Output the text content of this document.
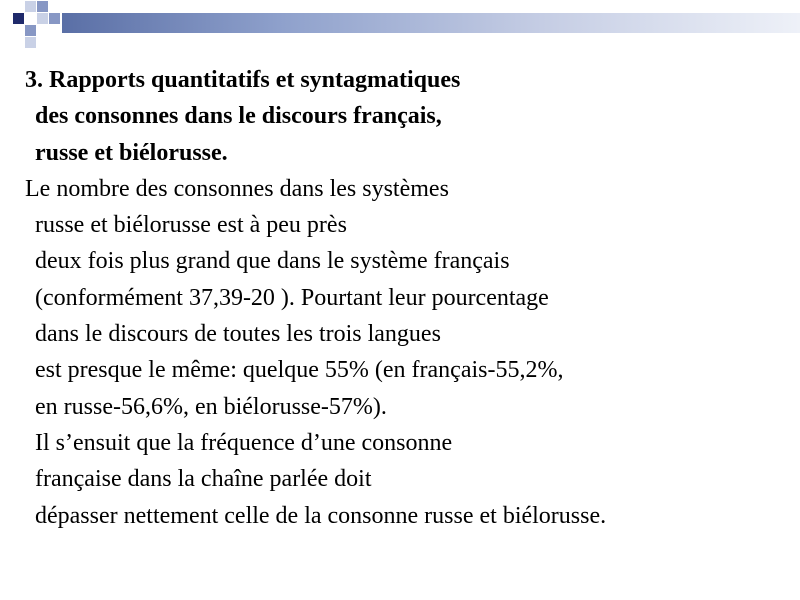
3. Rapports quantitatifs et syntagmatiques
des consonnes dans le discours français,
russe et biélorusse.
Le nombre des consonnes dans les systèmes
russe et biélorusse est à peu près
deux fois plus grand que dans le système français
(conformément 37,39-20 ). Pourtant leur pourcentage
dans le discours de toutes les trois langues
est presque le même: quelque 55% (en français-55,2%,
en russe-56,6%, en biélorusse-57%).
Il s’ensuit que la fréquence d’une consonne
française dans la chaîne parlée doit
dépasser nettement celle de la consonne russe et biélorusse.
